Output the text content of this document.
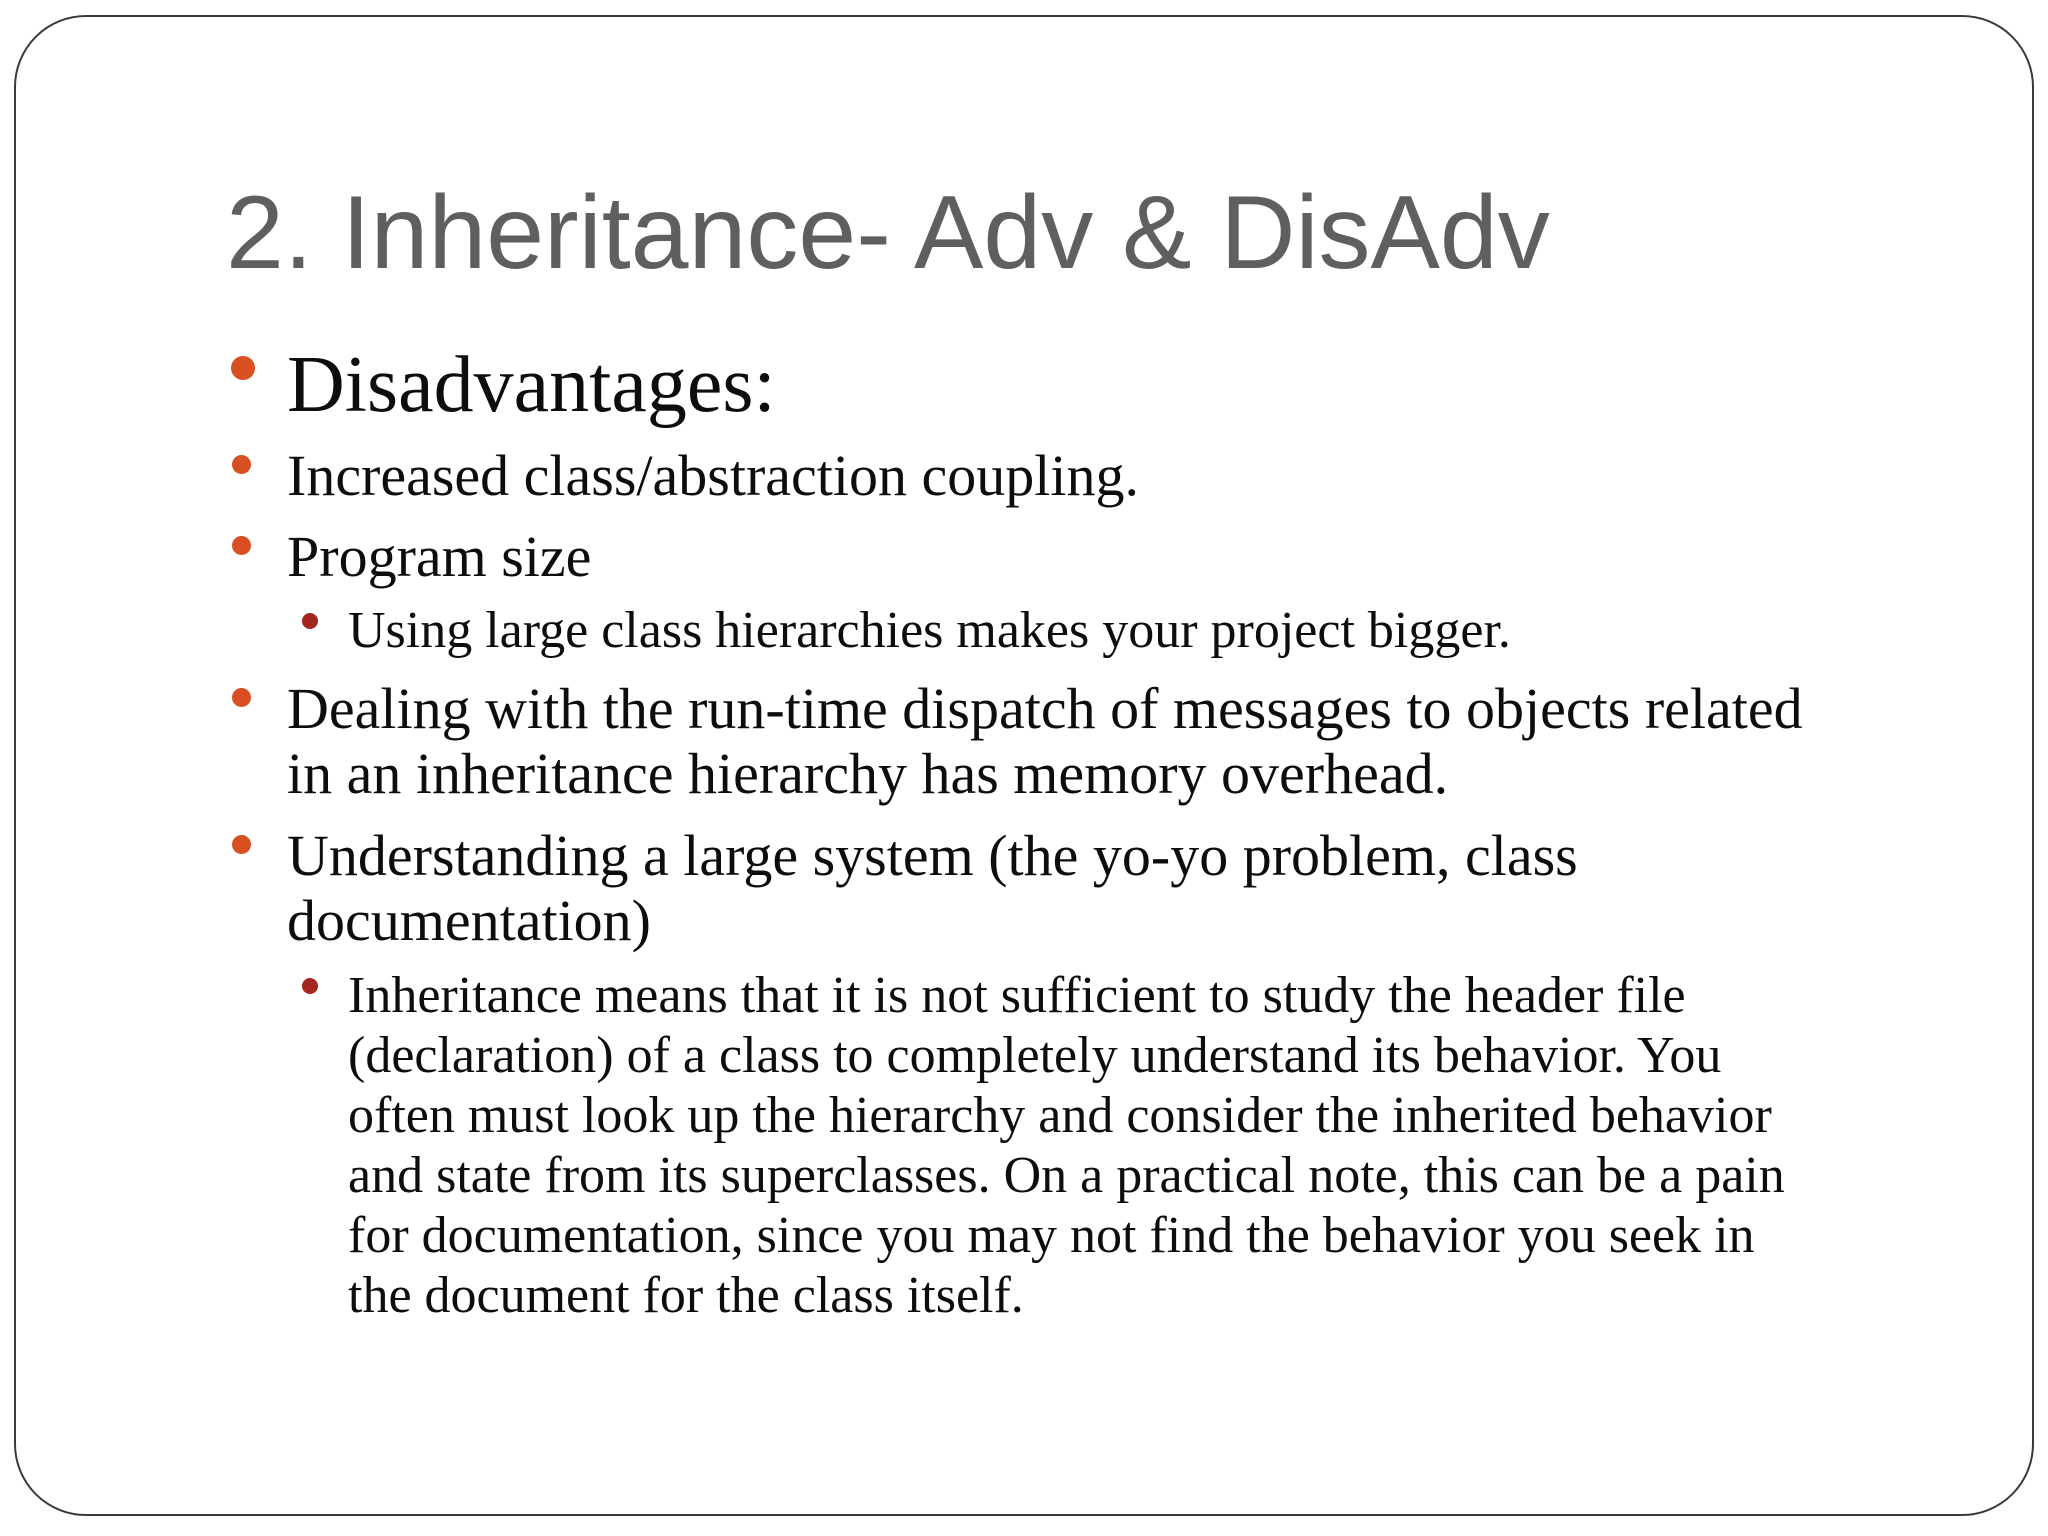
2. Inheritance- Adv & DisAdv
Disadvantages:
Increased class/abstraction coupling.
Program size
Using large class hierarchies makes your project bigger.
Dealing with the run-time dispatch of messages to objects related
in an inheritance hierarchy has memory overhead.
Understanding a large system (the yo-yo problem, class
documentation)
Inheritance means that it is not sufficient to study the header file
(declaration) of a class to completely understand its behavior. You
often must look up the hierarchy and consider the inherited behavior
and state from its superclasses. On a practical note, this can be a pain
for documentation, since you may not find the behavior you seek in
the document for the class itself.
